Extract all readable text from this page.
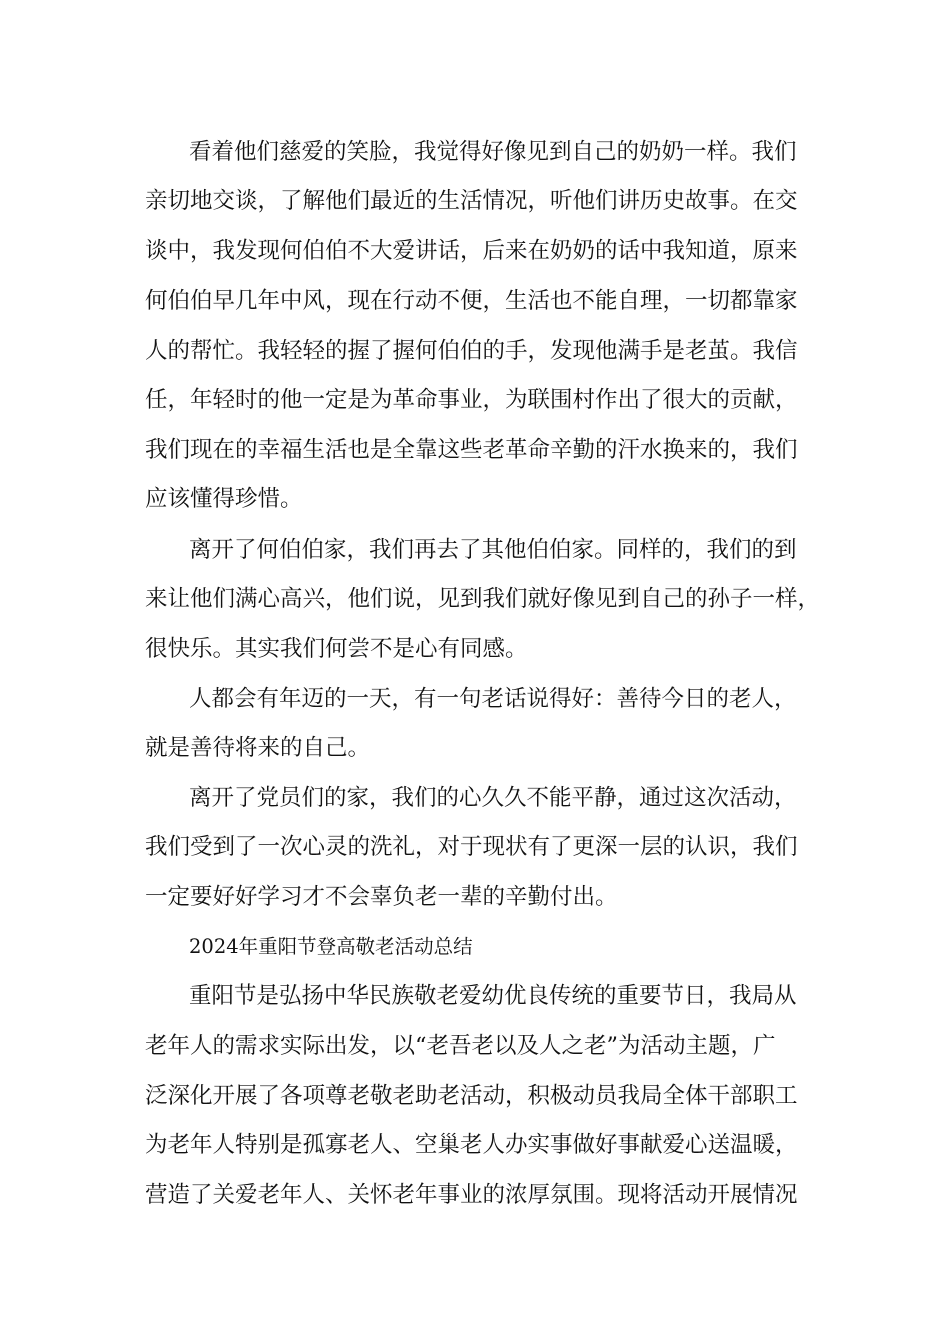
看着他们慈爱的笑脸，我觉得好像见到自己的奶奶一样。我们

亲切地交谈，了解他们最近的生活情况，听他们讲历史故事。在交

谈中，我发现何伯伯不大爱讲话，后来在奶奶的话中我知道，原来

何伯伯早几年中风，现在行动不便，生活也不能自理，一切都靠家

人的帮忙。我轻轻的握了握何伯伯的手，发现他满手是老茧。我信

任，年轻时的他一定是为革命事业，为联围村作出了很大的贡献，

我们现在的幸福生活也是全靠这些老革命辛勤的汗水换来的，我们

应该懂得珍惜。

离开了何伯伯家，我们再去了其他伯伯家。同样的，我们的到

来让他们满心高兴，他们说，见到我们就好像见到自己的孙子一样，

很快乐。其实我们何尝不是心有同感。

人都会有年迈的一天，有一句老话说得好：善待今日的老人，

就是善待将来的自己。

离开了党员们的家，我们的心久久不能平静，通过这次活动，

我们受到了一次心灵的洗礼，对于现状有了更深一层的认识，我们

一定要好好学习才不会辜负老一辈的辛勤付出。

2024年重阳节登高敬老活动总结

重阳节是弘扬中华民族敬老爱幼优良传统的重要节日，我局从

老年人的需求实际出发，以“老吾老以及人之老”为活动主题，广

泛深化开展了各项尊老敬老助老活动，积极动员我局全体干部职工

为老年人特别是孤寡老人、空巢老人办实事做好事献爱心送温暖，

营造了关爱老年人、关怀老年事业的浓厚氛围。现将活动开展情况
